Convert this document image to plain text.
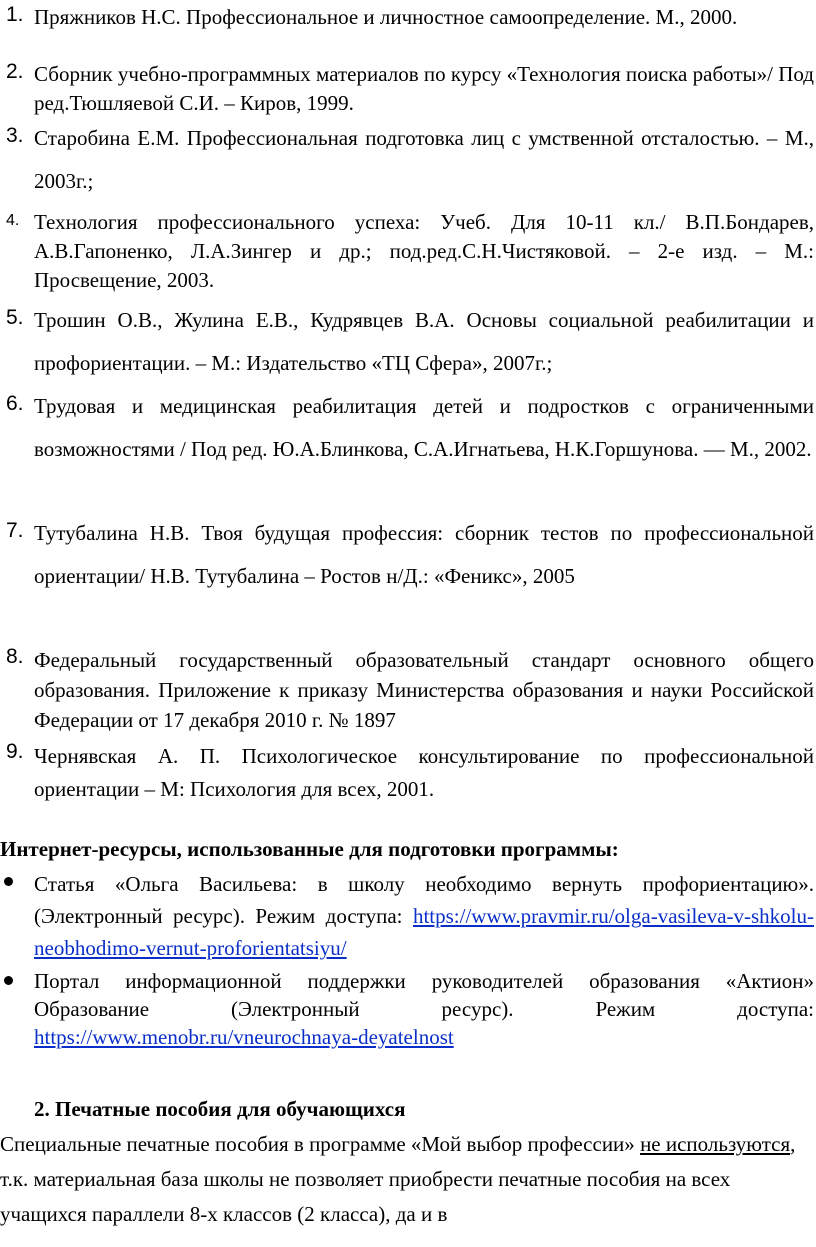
1. Пряжников Н.С. Профессиональное и личностное самоопределение. М., 2000.

2. Сборник учебно-программных материалов по курсу «Технология поиска работы»/ Под ред.Тюшляевой С.И. – Киров, 1999.

3. Старобина Е.М. Профессиональная подготовка лиц с умственной отсталостью. – М., 2003г.;

4. Технология профессионального успеха: Учеб. Для 10-11 кл./ В.П.Бондарев, А.В.Гапоненко, Л.А.Зингер и др.; под.ред.С.Н.Чистяковой. – 2-е изд. – М.: Просвещение, 2003.

5. Трошин О.В., Жулина Е.В., Кудрявцев В.А. Основы социальной реабилитации и профориентации. – М.: Издательство «ТЦ Сфера», 2007г.;

6. Трудовая и медицинская реабилитация детей и подростков с ограниченными возможностями / Под ред. Ю.А.Блинкова, С.А.Игнатьева, Н.К.Горшунова. — М., 2002.

7. Тутубалина Н.В. Твоя будущая профессия: сборник тестов по профессиональной ориентации/ Н.В. Тутубалина – Ростов н/Д.: «Феникс», 2005

8. Федеральный государственный образовательный стандарт основного общего образования. Приложение к приказу Министерства образования и науки Российской Федерации от 17 декабря 2010 г. № 1897

9. Чернявская А. П. Психологическое консультирование по профессиональной ориентации – М: Психология для всех, 2001.

Интернет-ресурсы, использованные для подготовки программы:

Статья «Ольга Васильева: в школу необходимо вернуть профориентацию». (Электронный ресурс). Режим доступа: https://www.pravmir.ru/olga-vasileva-v-shkolu-neobhodimo-vernut-proforientatsiyu/

Портал информационной поддержки руководителей образования «Актион» Образование (Электронный ресурс). Режим доступа: https://www.menobr.ru/vneurochnaya-deyatelnost

2. Печатные пособия для обучающихся

Специальные печатные пособия в программе «Мой выбор профессии» не используются, т.к. материальная база школы не позволяет приобрести печатные пособия на всех учащихся параллели 8-х классов (2 класса), да и в
